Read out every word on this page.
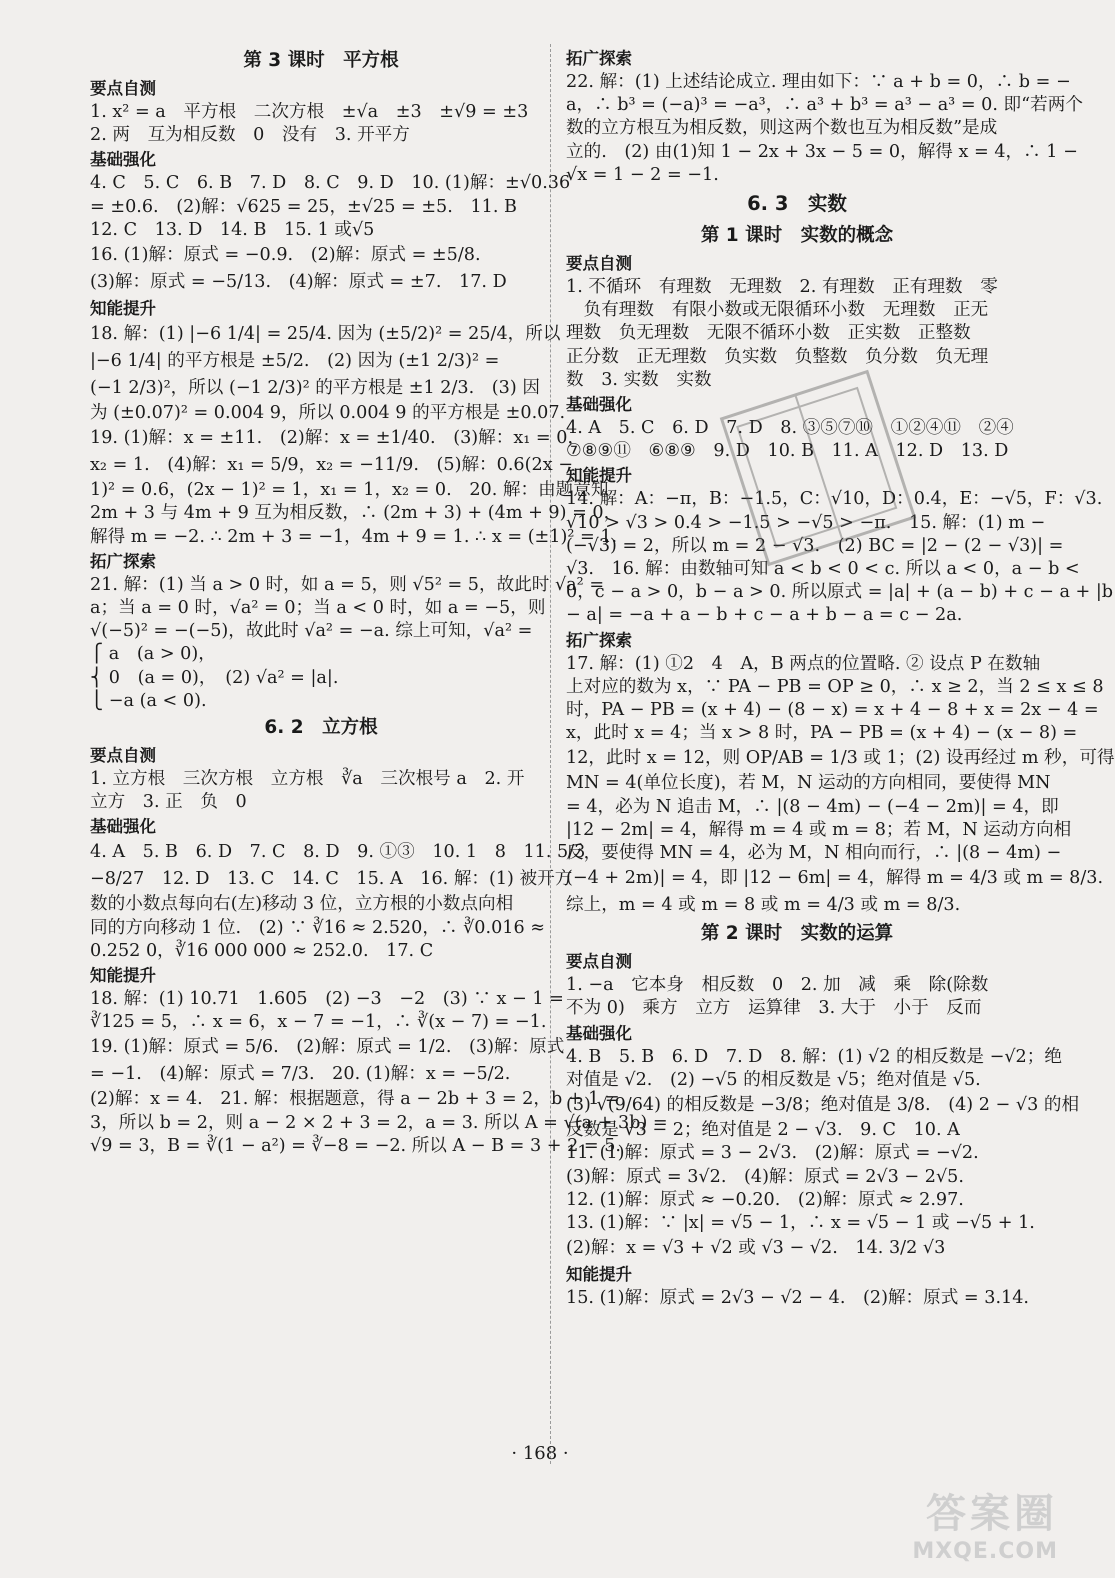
第 3 课时　平方根
要点自测
1. x² = a　平方根　二次方根　±√a　±3　±√9 = ±3
2. 两　互为相反数　0　没有　3. 开平方
基础强化
4. C　5. C　6. B　7. D　8. C　9. D　10. (1)解：±√0.36
= ±0.6.　(2)解：√625 = 25，±√25 = ±5.　11. B
12. C　13. D　14. B　15. 1 或√5
16. (1)解：原式 = −0.9.　(2)解：原式 = ±5/8.
(3)解：原式 = −5/13.　(4)解：原式 = ±7.　17. D
知能提升
18. 解：(1) |−6 1/4| = 25/4. 因为 (±5/2)² = 25/4，所以
|−6 1/4| 的平方根是 ±5/2.　(2) 因为 (±1 2/3)² =
(−1 2/3)²，所以 (−1 2/3)² 的平方根是 ±1 2/3.　(3) 因
为 (±0.07)² = 0.004 9，所以 0.004 9 的平方根是 ±0.07.
19. (1)解：x = ±11.　(2)解：x = ±1/40.　(3)解：x₁ = 0，
x₂ = 1.　(4)解：x₁ = 5/9，x₂ = −11/9.　(5)解：0.6(2x −
1)² = 0.6，(2x − 1)² = 1，x₁ = 1，x₂ = 0.　20. 解：由题意知
2m + 3 与 4m + 9 互为相反数，∴ (2m + 3) + (4m + 9) = 0，
解得 m = −2. ∴ 2m + 3 = −1，4m + 9 = 1. ∴ x = (±1)² = 1.
拓广探索
21. 解：(1) 当 a > 0 时，如 a = 5，则 √5² = 5，故此时 √a² =
a；当 a = 0 时，√a² = 0；当 a < 0 时，如 a = −5，则
√(−5)² = −(−5)，故此时 √a² = −a. 综上可知，√a² =
⎧ a　(a > 0)，
⎨ 0　(a = 0)，　(2) √a² = |a|.
⎩ −a (a < 0).
6. 2　立方根
要点自测
1. 立方根　三次方根　立方根　∛a　三次根号 a　2. 开
立方　3. 正　负　0
基础强化
4. A　5. B　6. D　7. C　8. D　9. ①③　10. 1　8　11. 5/3
−8/27　12. D　13. C　14. C　15. A　16. 解：(1) 被开方
数的小数点每向右(左)移动 3 位，立方根的小数点向相
同的方向移动 1 位.　(2) ∵ ∛16 ≈ 2.520，∴ ∛0.016 ≈
0.252 0，∛16 000 000 ≈ 252.0.　17. C
知能提升
18. 解：(1) 10.71　1.605　(2) −3　−2　(3) ∵ x − 1 =
∛125 = 5，∴ x = 6，x − 7 = −1，∴ ∛(x − 7) = −1.
19. (1)解：原式 = 5/6.　(2)解：原式 = 1/2.　(3)解：原式
= −1.　(4)解：原式 = 7/3.　20. (1)解：x = −5/2.
(2)解：x = 4.　21. 解：根据题意，得 a − 2b + 3 = 2，b + 1 =
3，所以 b = 2，则 a − 2 × 2 + 3 = 2，a = 3. 所以 A = √(a + 3b) =
√9 = 3，B = ∛(1 − a²) = ∛−8 = −2. 所以 A − B = 3 + 2 = 5.
拓广探索
22. 解：(1) 上述结论成立. 理由如下：∵ a + b = 0，∴ b = −
a，∴ b³ = (−a)³ = −a³，∴ a³ + b³ = a³ − a³ = 0. 即“若两个
数的立方根互为相反数，则这两个数也互为相反数”是成
立的.　(2) 由(1)知 1 − 2x + 3x − 5 = 0，解得 x = 4，∴ 1 −
√x = 1 − 2 = −1.
6. 3　实数
第 1 课时　实数的概念
要点自测
1. 不循环　有理数　无理数　2. 有理数　正有理数　零
　负有理数　有限小数或无限循环小数　无理数　正无
理数　负无理数　无限不循环小数　正实数　正整数
正分数　正无理数　负实数　负整数　负分数　负无理
数　3. 实数　实数
基础强化
4. A　5. C　6. D　7. D　8. ③⑤⑦⑩　①②④⑪　②④
⑦⑧⑨⑪　⑥⑧⑨　9. D　10. B　11. A　12. D　13. D
知能提升
14. 解：A：−π，B：−1.5，C：√10，D：0.4，E：−√5，F：√3.
√10 > √3 > 0.4 > −1.5 > −√5 > −π.　15. 解：(1) m −
(−√3) = 2，所以 m = 2 − √3.　(2) BC = |2 − (2 − √3)| =
√3.　16. 解：由数轴可知 a < b < 0 < c. 所以 a < 0，a − b <
0，c − a > 0，b − a > 0. 所以原式 = |a| + (a − b) + c − a + |b
− a| = −a + a − b + c − a + b − a = c − 2a.
拓广探索
17. 解：(1) ①2　4　A，B 两点的位置略. ② 设点 P 在数轴
上对应的数为 x，∵ PA − PB = OP ≥ 0，∴ x ≥ 2，当 2 ≤ x ≤ 8
时，PA − PB = (x + 4) − (8 − x) = x + 4 − 8 + x = 2x − 4 =
x，此时 x = 4；当 x > 8 时，PA − PB = (x + 4) − (x − 8) =
12，此时 x = 12，则 OP/AB = 1/3 或 1；(2) 设再经过 m 秒，可得
MN = 4(单位长度)，若 M，N 运动的方向相同，要使得 MN
= 4，必为 N 追击 M，∴ |(8 − 4m) − (−4 − 2m)| = 4，即
|12 − 2m| = 4，解得 m = 4 或 m = 8；若 M，N 运动方向相
反，要使得 MN = 4，必为 M，N 相向而行，∴ |(8 − 4m) −
(−4 + 2m)| = 4，即 |12 − 6m| = 4，解得 m = 4/3 或 m = 8/3.
综上，m = 4 或 m = 8 或 m = 4/3 或 m = 8/3.
第 2 课时　实数的运算
要点自测
1. −a　它本身　相反数　0　2. 加　减　乘　除(除数
不为 0)　乘方　立方　运算律　3. 大于　小于　反而
基础强化
4. B　5. B　6. D　7. D　8. 解：(1) √2 的相反数是 −√2；绝
对值是 √2.　(2) −√5 的相反数是 √5；绝对值是 √5.
(3) √(9/64) 的相反数是 −3/8；绝对值是 3/8.　(4) 2 − √3 的相
反数是 √3 − 2；绝对值是 2 − √3.　9. C　10. A
11. (1)解：原式 = 3 − 2√3.　(2)解：原式 = −√2.
(3)解：原式 = 3√2.　(4)解：原式 = 2√3 − 2√5.
12. (1)解：原式 ≈ −0.20.　(2)解：原式 ≈ 2.97.
13. (1)解：∵ |x| = √5 − 1，∴ x = √5 − 1 或 −√5 + 1.
(2)解：x = √3 + √2 或 √3 − √2.　14. 3/2 √3
知能提升
15. (1)解：原式 = 2√3 − √2 − 4.　(2)解：原式 = 3.14.
· 168 ·
答案圈
MXQE.COM
